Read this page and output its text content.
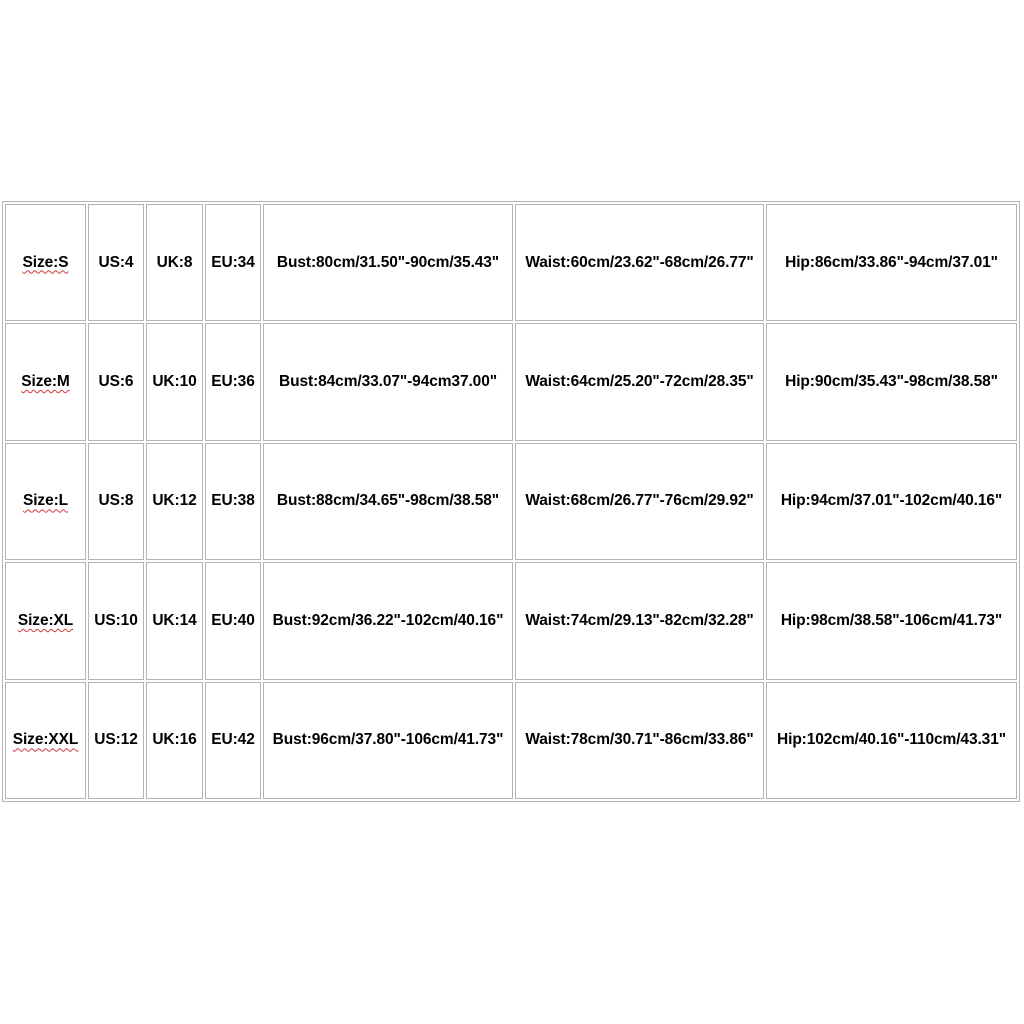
Size:S	US:4	UK:8	EU:34	Bust:80cm/31.50"-90cm/35.43"	Waist:60cm/23.62"-68cm/26.77"	Hip:86cm/33.86"-94cm/37.01"
Size:M	US:6	UK:10	EU:36	Bust:84cm/33.07"-94cm37.00"	Waist:64cm/25.20"-72cm/28.35"	Hip:90cm/35.43"-98cm/38.58"
Size:L	US:8	UK:12	EU:38	Bust:88cm/34.65"-98cm/38.58"	Waist:68cm/26.77"-76cm/29.92"	Hip:94cm/37.01"-102cm/40.16"
Size:XL	US:10	UK:14	EU:40	Bust:92cm/36.22"-102cm/40.16"	Waist:74cm/29.13"-82cm/32.28"	Hip:98cm/38.58"-106cm/41.73"
Size:XXL	US:12	UK:16	EU:42	Bust:96cm/37.80"-106cm/41.73"	Waist:78cm/30.71"-86cm/33.86"	Hip:102cm/40.16"-110cm/43.31"
